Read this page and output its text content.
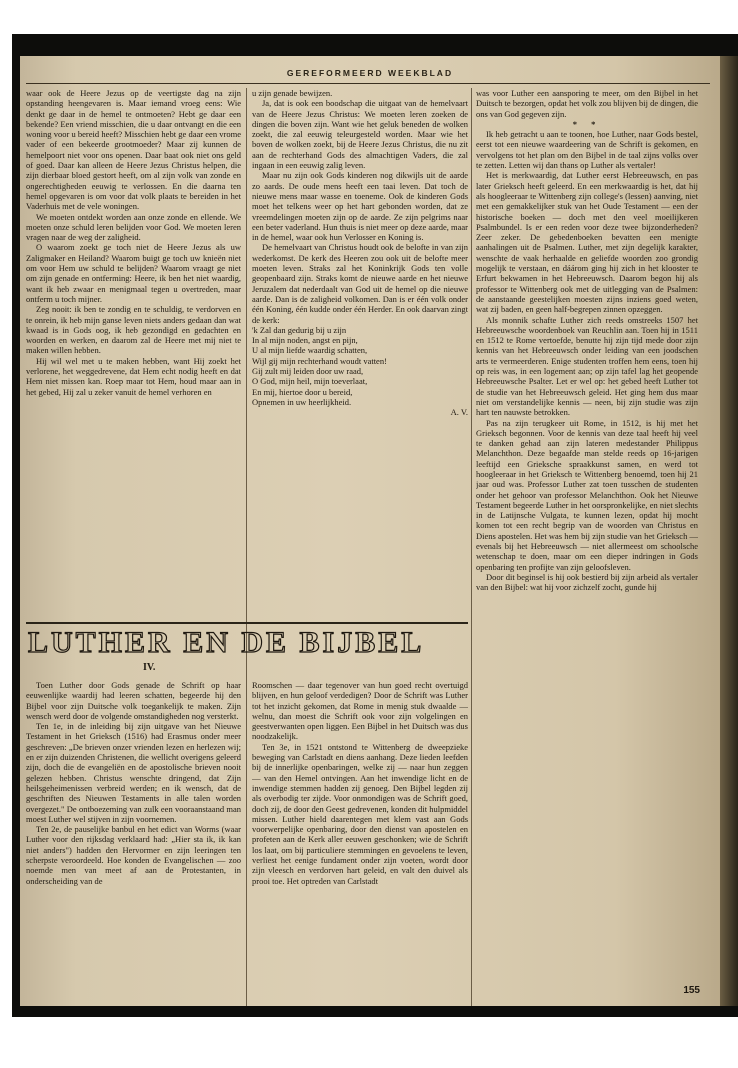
GEREFORMEERD WEEKBLAD

waar ook de Heere Jezus op de veertigste dag na zijn opstanding heengevaren is. Maar iemand vroeg eens: Wie denkt ge daar in de hemel te ontmoeten? Hebt ge daar een bekende? Een vriend misschien, die u daar ontvangt en die een woning voor u bereid heeft? Misschien hebt ge daar een vrome vader of een bekeerde grootmoeder? Maar zij kunnen de hemelpoort niet voor ons openen. Daar baat ook niet ons geld of goed. Daar kan alleen de Heere Jezus Christus helpen, die zijn dierbaar bloed gestort heeft, om al zijn volk van zonde en ongerechtigheden eeuwig te verlossen. En die daarna ten hemel opgevaren is om voor dat volk plaats te bereiden in het Vaderhuis met de vele woningen.

We moeten ontdekt worden aan onze zonde en ellende. We moeten onze schuld leren belijden voor God. We moeten leren vragen naar de weg der zaligheid.

O waarom zoekt ge toch niet de Heere Jezus als uw Zaligmaker en Heiland? Waarom buigt ge toch uw knieën niet om voor Hem uw schuld te belijden? Waarom vraagt ge niet om zijn genade en ontferming: Heere, ik ben het niet waardig, want ik heb zwaar en menigmaal tegen u overtreden, maar ontferm u toch mijner.

Zeg nooit: ik ben te zondig en te schuldig, te verdorven en te onrein, ik heb mijn ganse leven niets anders gedaan dan wat kwaad is in Gods oog, ik heb gezondigd en gedachten en woorden en werken, en daarom zal de Heere met mij niet te maken willen hebben.

Hij wil wel met u te maken hebben, want Hij zoekt het verlorene, het weggedrevene, dat Hem echt nodig heeft en dat Hem niet missen kan. Roep maar tot Hem, houd maar aan in het gebed, Hij zal u zeker vanuit de hemel verhoren en

u zijn genade bewijzen.

Ja, dat is ook een boodschap die uitgaat van de hemelvaart van de Heere Jezus Christus: We moeten leren zoeken de dingen die boven zijn. Want wie het geluk beneden de wolken zoekt, die zal eeuwig teleurgesteld worden. Maar wie het boven de wolken zoekt, bij de Heere Jezus Christus, die nu zit aan de rechterhand Gods des almachtigen Vaders, die zal ingaan in een eeuwig zalig leven.

Maar nu zijn ook Gods kinderen nog dikwijls uit de aarde zo aards. De oude mens heeft een taai leven. Dat toch de nieuwe mens maar wasse en toeneme. Ook de kinderen Gods moet het telkens weer op het hart gebonden worden, dat ze vreemdelingen moeten zijn op de aarde. Ze zijn pelgrims naar een beter vaderland. Hun thuis is niet meer op deze aarde, maar in de hemel, waar ook hun Verlosser en Koning is.

De hemelvaart van Christus houdt ook de belofte in van zijn wederkomst. De kerk des Heeren zou ook uit de belofte meer moeten leven. Straks zal het Koninkrijk Gods ten volle geopenbaard zijn. Straks komt de nieuwe aarde en het nieuwe Jeruzalem dat nederdaalt van God uit de hemel op die nieuwe aarde. Dan is de zaligheid volkomen. Dan is er één volk onder één Koning, één kudde onder één Herder. En ook daarvan zingt de kerk:

'k Zal dan gedurig bij u zijn

In al mijn noden, angst en pijn,

U al mijn liefde waardig schatten,

Wijl gij mijn rechterhand woudt vatten!

Gij zult mij leiden door uw raad,

O God, mijn heil, mijn toeverlaat,

En mij, hiertoe door u bereid,

Opnemen in uw heerlijkheid.

A. V.

was voor Luther een aansporing te meer, om den Bijbel in het Duitsch te bezorgen, opdat het volk zou blijven bij de dingen, die ons van God gegeven zijn.

* *

Ik heb getracht u aan te toonen, hoe Luther, naar Gods bestel, eerst tot een nieuwe waardeering van de Schrift is gekomen, en vervolgens tot het plan om den Bijbel in de taal zijns volks over te zetten. Letten wij dan thans op Luther als vertaler!

Het is merkwaardig, dat Luther eerst Hebreeuwsch, en pas later Grieksch heeft geleerd. En een merkwaardig is het, dat hij als hoogleeraar te Wittenberg zijn college's (lessen) aanving, niet met een gemakkelijker stuk van het Oude Testament — een der historische boeken — doch met den veel moeilijkeren Psalmbundel. Is er een reden voor deze twee bijzonderheden? Zeer zeker. De gebedenboeken bevatten een menigte aanhalingen uit de Psalmen. Luther, met zijn degelijk karakter, wenschte de vaak herhaalde en geliefde woorden zoo grondig mogelijk te verstaan, en dáárom ging hij zich in het klooster te Erfurt bekwamen in het Hebreeuwsch. Daarom begon hij als professor te Wittenberg ook met de uitlegging van de Psalmen: de aanstaande geestelijken moesten zijns inziens goed weten, wat zij baden, en geen half-begrepen zinnen opzeggen.

Als monnik schafte Luther zich reeds omstreeks 1507 het Hebreeuwsche woordenboek van Reuchlin aan. Toen hij in 1511 en 1512 te Rome vertoefde, benutte hij zijn tijd mede door zijn kennis van het Hebreeuwsch onder leiding van een joodschen arts te vermeerderen. Enige studenten troffen hem eens, toen hij op reis was, in een logement aan; op zijn tafel lag het geopende Hebreeuwsche Psalter. Let er wel op: het gebed heeft Luther tot de studie van het Hebreeuwsch geleid. Het ging hem dus maar niet om verstandelijke kennis — neen, bij zijn studie was zijn hart ten nauwste betrokken.

Pas na zijn terugkeer uit Rome, in 1512, is hij met het Grieksch begonnen. Voor de kennis van deze taal heeft hij veel te danken gehad aan zijn lateren medestander Philippus Melanchthon. Deze begaafde man stelde reeds op 16-jarigen leeftijd een Grieksche spraakkunst samen, en werd tot hoogleeraar in het Grieksch te Wittenberg benoemd, toen hij 21 jaar oud was. Professor Luther zat toen tusschen de studenten onder het gehoor van professor Melanchthon. Ook het Nieuwe Testament begeerde Luther in het oorspronkelijke, en niet slechts in de Latijnsche Vulgata, te kunnen lezen, opdat hij mocht komen tot een recht begrip van de woorden van Christus en Diens apostelen. Het was hem bij zijn studie van het Grieksch — evenals bij het Hebreeuwsch — niet allermeest om schoolsche wetenschap te doen, maar om een dieper indringen in Gods openbaring ten profijte van zijn geloofsleven.

Door dit beginsel is hij ook bestierd bij zijn arbeid als vertaler van den Bijbel: wat hij voor zichzelf zocht, gunde hij

LUTHER EN DE BIJBEL
IV.

Toen Luther door Gods genade de Schrift op haar eeuwenlijke waardij had leeren schatten, begeerde hij den Bijbel voor zijn Duitsche volk toegankelijk te maken. Zijn wensch werd door de volgende omstandigheden nog versterkt.

Ten 1e, in de inleiding bij zijn uitgave van het Nieuwe Testament in het Grieksch (1516) had Erasmus onder meer geschreven: „De brieven onzer vrienden lezen en herlezen wij; en er zijn duizenden Christenen, die wellicht overigens geleerd zijn, doch die de evangeliën en de apostolische brieven nooit gelezen hebben. Christus wenschte dringend, dat Zijn heilsgeheimenissen verbreid werden; en ik wensch, dat de geschriften des Nieuwen Testaments in alle talen worden overgezet." De ontboezeming van zulk een vooraanstaand man moest Luther wel stijven in zijn voornemen.

Ten 2e, de pauselijke banbul en het edict van Worms (waar Luther voor den rijksdag verklaard had: „Hier sta ik, ik kan niet anders") hadden den Hervormer en zijn leeringen ten scherpste veroordeeld. Hoe konden de Evangelischen — zoo noemde men van meet af aan de Protestanten, in onderscheiding van de

Roomschen — daar tegenover van hun goed recht overtuigd blijven, en hun geloof verdedigen? Door de Schrift was Luther tot het inzicht gekomen, dat Rome in menig stuk dwaalde — welnu, dan moest die Schrift ook voor zijn volgelingen en geestverwanten open liggen. Een Bijbel in het Duitsch was dus noodzakelijk.

Ten 3e, in 1521 ontstond te Wittenberg de dweepzieke beweging van Carlstadt en diens aanhang. Deze lieden leefden bij de innerlijke openbaringen, welke zij — naar hun zeggen — van den Hemel ontvingen. Aan het inwendige licht en de inwendige stemmen hadden zij genoeg. Den Bijbel legden zij als overbodig ter zijde. Voor onmondigen was de Schrift goed, doch zij, de door den Geest gedrevenen, konden dit hulpmiddel missen. Luther hield daarentegen met klem vast aan Gods voorwerpelijke openbaring, door den dienst van apostelen en profeten aan de Kerk aller eeuwen geschonken; wie de Schrift los laat, om bij particuliere stemmingen en gevoelens te leven, verliest het eenige fundament onder zijn voeten, wordt door zijn vleesch en verdorven hart geleid, en valt den duivel als prooi toe. Het optreden van Carlstadt

155
